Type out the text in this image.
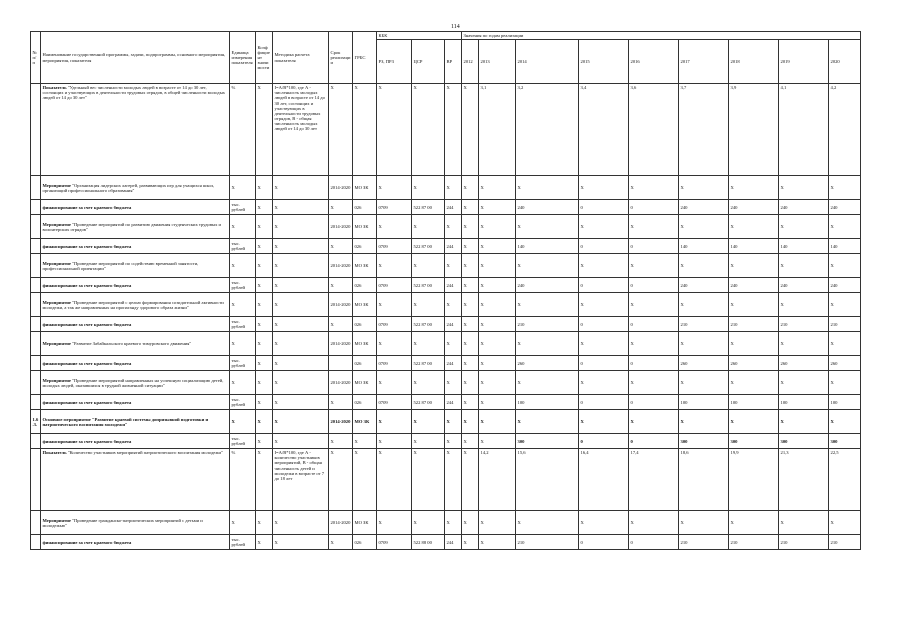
114
№ п/п	Наименование государственной программы, задачи, подпрограммы, основного мероприятия, мероприятия, показателя	Единица измерения показателя	Коэффициент значимости	Методика расчета показателя	Срок реализации	ГРБС	КБК			Значения по годам реализации								
							РЗ, ПР3	ЦСР	ВР	2012	2013	2014	2015	2016	2017	2018	2019	2020
	Показатель "Удельный вес численности молодых людей в возрасте от 14 до 30 лет, состоящих и участвующих в деятельности трудовых отрядов, в общей численности молодых людей от 14 до 30 лет"	%	X	I=A/B*100, где А - численность молодых людей в возрасте от 14 до 30 лет, состоящих и участвующих в деятельности трудовых отрядов, В - общая численность молодых людей от 14 до 30 лет	X	X	X	X	X	X	3,1	3,2	3,4	3,6	3,7	3,9	4,1	4,2
	Мероприятие "Организация лидерских лагерей, развивающих игр для учащихся школ, организаций профессионального образования"	X	X	X	2014-2020	МО ЗК	X	X	X	X	X	X	X	X	X	X	X	X
	финансирование за счет краевого бюджета	тыс. рублей	X	X	X	026	0709	522 87 00	244	X	X	240	0	0	240	240	240	240
	Мероприятие "Проведение мероприятий по развитию движения студенческих трудовых и волонтерских отрядов"	X	X	X	2014-2020	МО ЗК	X	X	X	X	X	X	X	X	X	X	X	X
	финансирование за счет краевого бюджета	тыс. рублей	X	X	X	026	0709	522 87 00	244	X	X	140	0	0	140	140	140	140
	Мероприятие "Проведение мероприятий по содействию временной занятости, профессиональной ориентации"	X	X	X	2014-2020	МО ЗК	X	X	X	X	X	X	X	X	X	X	X	X
	финансирование за счет краевого бюджета	тыс. рублей	X	X	X	026	0709	522 87 00	244	X	X	240	0	0	240	240	240	240
	Мероприятие "Проведение мероприятий с целью формирования созидательной активности молодежи, а так же направленных на пропаганду здорового образа жизни"	X	X	X	2014-2020	МО ЗК	X	X	X	X	X	X	X	X	X	X	X	X
	финансирование за счет краевого бюджета	тыс. рублей	X	X	X	026	0709	522 87 00	244	X	X	210	0	0	210	210	210	210
	Мероприятие "Развитие Забайкальского краевого тимуровского движения"	X	X	X	2014-2020	МО ЗК	X	X	X	X	X	X	X	X	X	X	X	X
	финансирование за счет краевого бюджета	тыс. рублей	X	X		026	0709	522 87 00	244	X	X	260	0	0	260	260	260	260
	Мероприятие "Проведение мероприятий направленных на успешную социализацию детей, молодых людей, оказавшихся в трудной жизненной ситуации"	X	X	X	2014-2020	МО ЗК	X	X	X	X	X	X	X	X	X	X	X	X
	финансирование за счет краевого бюджета	тыс. рублей	X	X	X	026	0709	522 87 00	244	X	X	100	0	0	100	100	100	100
1.6.3.	Основное мероприятие "Развитие краевой системы допризывной подготовки и патриотического воспитания молодежи"	X	X	X	2014-2020	МО ЗК	X	X	X	X	X	X	X	X	X	X	X	X
	финансирование за счет краевого бюджета	тыс. рублей	X	X	X	X	X	X	X	X	X	300	0	0	300	300	300	300
	Показатель "Количество участников мероприятий патриотического воспитания молодежи"	%	X	I=A/B*100, где А - количество участников мероприятий, В - общая численность детей и молодежи в возрасте от 7 до 18 лет	X	X	X	X	X	X	14,2	15,6	16,4	17,4	18,6	19,9	21,3	22,5
	Мероприятие "Проведение гражданско-патриотических мероприятий с детьми и молодежью"	X	X	X	2014-2020	МО ЗК	X	X	X	X	X	X	X	X	X	X	X	X
	финансирование за счет краевого бюджета	тыс. рублей	X	X	X	026	0709	522 88 00	244	X	X	210	0	0	210	210	210	210
